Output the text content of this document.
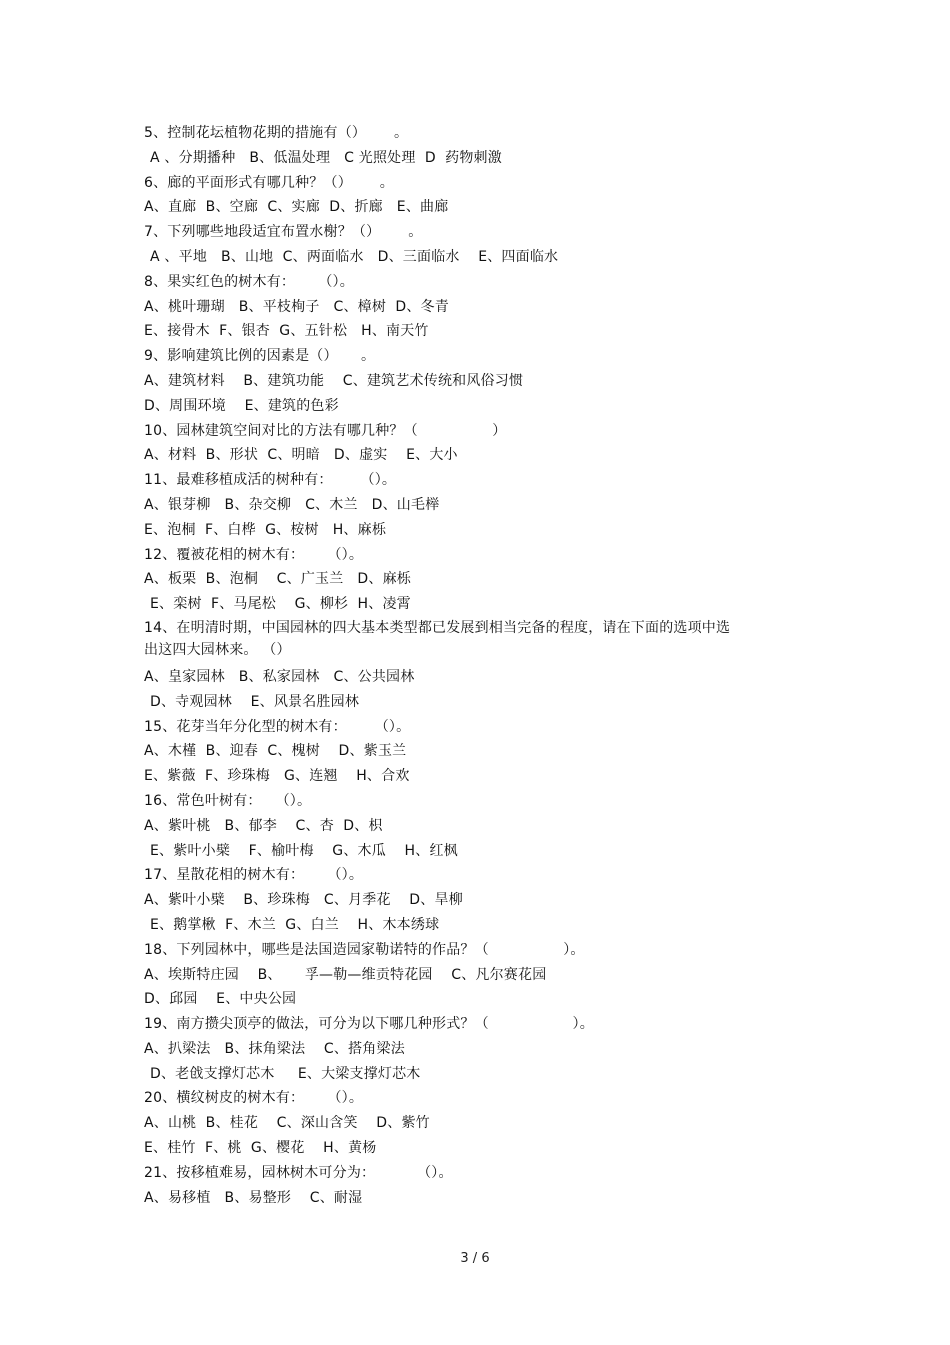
5、控制花坛植物花期的措施有（）      。
A 、分期播种   B、低温处理   C 光照处理  D  药物刺激
6、廊的平面形式有哪几种？（）      。
A、直廊  B、空廊  C、实廊  D、折廊   E、曲廊
7、下列哪些地段适宜布置水榭？（）      。
A 、平地   B、山地  C、两面临水   D、三面临水    E、四面临水
8、果实红色的树木有：     （）。
A、桃叶珊瑚   B、平枝栒子   C、樟树  D、冬青
E、接骨木  F、银杏  G、五针松   H、南天竹
9、影响建筑比例的因素是（）     。
A、建筑材料    B、建筑功能    C、建筑艺术传统和风俗习惯
D、周围环境    E、建筑的色彩
10、园林建筑空间对比的方法有哪几种？（                ）
A、材料  B、形状  C、明暗   D、虚实    E、大小
11、最难移植成活的树种有：      （）。
A、银芽柳   B、杂交柳   C、木兰   D、山毛榉
E、泡桐  F、白桦  G、桉树   H、麻栎
12、覆被花相的树木有：     （）。
A、板栗  B、泡桐    C、广玉兰   D、麻栎
E、栾树  F、马尾松    G、柳杉  H、凌霄
14、在明清时期，中国园林的四大基本类型都已发展到相当完备的程度，请在下面的选项中选出这四大园林来。 （）
A、皇家园林   B、私家园林   C、公共园林
D、寺观园林    E、风景名胜园林
15、花芽当年分化型的树木有：      （）。
A、木槿  B、迎春  C、槐树    D、紫玉兰
E、紫薇  F、珍珠梅   G、连翘    H、合欢
16、常色叶树有：   （）。
A、紫叶桃   B、郁李    C、杏  D、枳
E、紫叶小檗    F、榆叶梅    G、木瓜    H、红枫
17、星散花相的树木有：     （）。
A、紫叶小檗    B、珍珠梅   C、月季花    D、旱柳
E、鹅掌楸  F、木兰  G、白兰    H、木本绣球
18、下列园林中，哪些是法国造园家勒诺特的作品？（                ）。
A、埃斯特庄园    B、     孚—勒—维贡特花园    C、凡尔赛花园
D、邱园    E、中央公园
19、南方攒尖顶亭的做法，可分为以下哪几种形式？（                  ）。
A、扒梁法   B、抹角梁法    C、搭角梁法
D、老戗支撑灯芯木     E、大梁支撑灯芯木
20、横纹树皮的树木有：     （）。
A、山桃  B、桂花    C、深山含笑    D、紫竹
E、桂竹  F、桃  G、樱花    H、黄杨
21、按移植难易，园林树木可分为：         （）。
A、易移植   B、易整形    C、耐湿
3 / 6
